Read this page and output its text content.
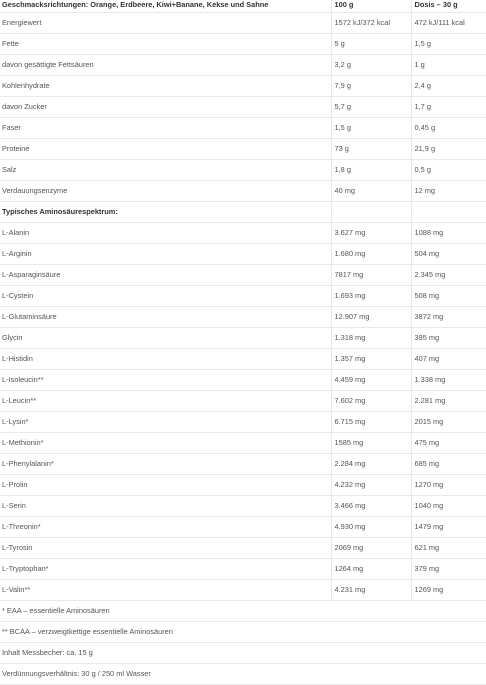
Geschmacksrichtungen: Orange, Erdbeere, Kiwi+Banane, Kekse und Sahne	100 g	Dosis – 30 g
Energiewert	1572 kJ/372 kcal	472 kJ/111 kcal
Fette	5 g	1,5 g
davon gesättigte Fettsäuren	3,2 g	1 g
Kohlenhydrate	7,9 g	2,4 g
davon Zucker	5,7 g	1,7 g
Faser	1,5 g	0,45 g
Proteine	73 g	21,9 g
Salz	1,8 g	0,5 g
Verdauungsenzyme	40 mg	12 mg
Typisches Aminosäurespektrum:		
L-Alanin	3.627 mg	1088 mg
L-Arginin	1.680 mg	504 mg
L-Asparaginsäure	7817 mg	2.345 mg
L-Cystein	1.693 mg	508 mg
L-Glutaminsäure	12.907 mg	3872 mg
Glycin	1.318 mg	395 mg
L-Histidin	1.357 mg	407 mg
L-Isoleucin**	4.459 mg	1.338 mg
L-Leucin**	7.602 mg	2.281 mg
L-Lysin*	6.715 mg	2015 mg
L-Methionin*	1585 mg	475 mg
L-Phenylalanin*	2.284 mg	685 mg
L-Prolin	4.232 mg	1270 mg
L-Serin	3.466 mg	1040 mg
L-Threonin*	4.930 mg	1479 mg
L-Tyrosin	2069 mg	621 mg
L-Tryptophan*	1264 mg	379 mg
L-Valin**	4.231 mg	1269 mg
* EAA – essentielle Aminosäuren		
** BCAA – verzweigtkettige essentielle Aminosäuren		
Inhalt Messbecher: ca. 15 g		
Verdünnungsverhältnis: 30 g / 250 ml Wasser		
